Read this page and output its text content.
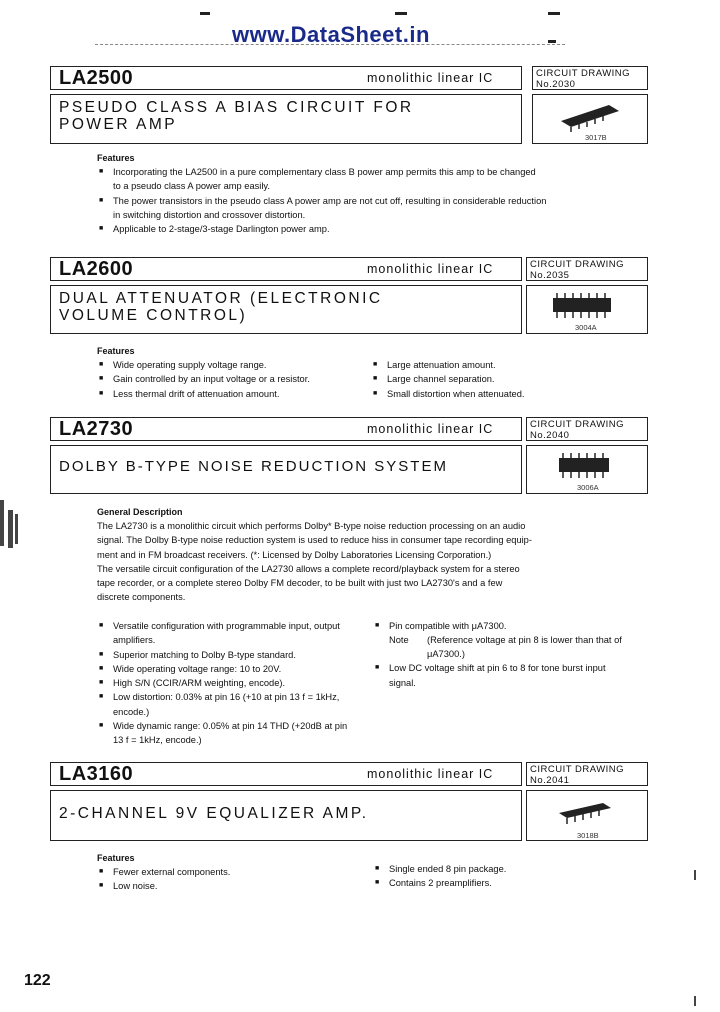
www.DataSheet.in
LA2500	monolithic linear IC
PSEUDO CLASS A BIAS CIRCUIT FOR
POWER AMP
CIRCUIT DRAWING
No.2030
3017B
Features
■ Incorporating the LA2500 in a pure complementary class B power amp permits this amp to be changed
to a pseudo class A power amp easily.
■ The power transistors in the pseudo class A power amp are not cut off, resulting in considerable reduction
in switching distortion and crossover distortion.
■ Applicable to 2-stage/3-stage Darlington power amp.
LA2600	monolithic linear IC
DUAL ATTENUATOR (ELECTRONIC
VOLUME CONTROL)
CIRCUIT DRAWING
No.2035
3004A
Features
■ Wide operating supply voltage range.
■ Gain controlled by an input voltage or a resistor.
■ Less thermal drift of attenuation amount.
■ Large attenuation amount.
■ Large channel separation.
■ Small distortion when attenuated.
LA2730	monolithic linear IC
DOLBY B-TYPE NOISE REDUCTION SYSTEM
CIRCUIT DRAWING
No.2040
3006A
General Description
The LA2730 is a monolithic circuit which performs Dolby* B-type noise reduction processing on an audio
signal. The Dolby B-type noise reduction system is used to reduce hiss in consumer tape recording equip-
ment and in FM broadcast receivers. (*: Licensed by Dolby Laboratories Licensing Corporation.)
The versatile circuit configuration of the LA2730 allows a complete record/playback system for a stereo
tape recorder, or a complete stereo Dolby FM decoder, to be built with just two LA2730's and a few
discrete components.
■ Versatile configuration with programmable input, output amplifiers.
■ Superior matching to Dolby B-type standard.
■ Wide operating voltage range: 10 to 20V.
■ High S/N (CCIR/ARM weighting, encode).
■ Low distortion: 0.03% at pin 16 (+10 at pin 13 f = 1kHz, encode.)
■ Wide dynamic range: 0.05% at pin 14 THD (+20dB at pin 13 f = 1kHz, encode.)
■ Pin compatible with μA7300.
Note	(Reference voltage at pin 8 is lower than that of μA7300.)
■ Low DC voltage shift at pin 6 to 8 for tone burst input signal.
LA3160	monolithic linear IC
2-CHANNEL 9V EQUALIZER AMP.
CIRCUIT DRAWING
No.2041
3018B
Features
■ Fewer external components.
■ Low noise.
■ Single ended 8 pin package.
■ Contains 2 preamplifiers.
122
